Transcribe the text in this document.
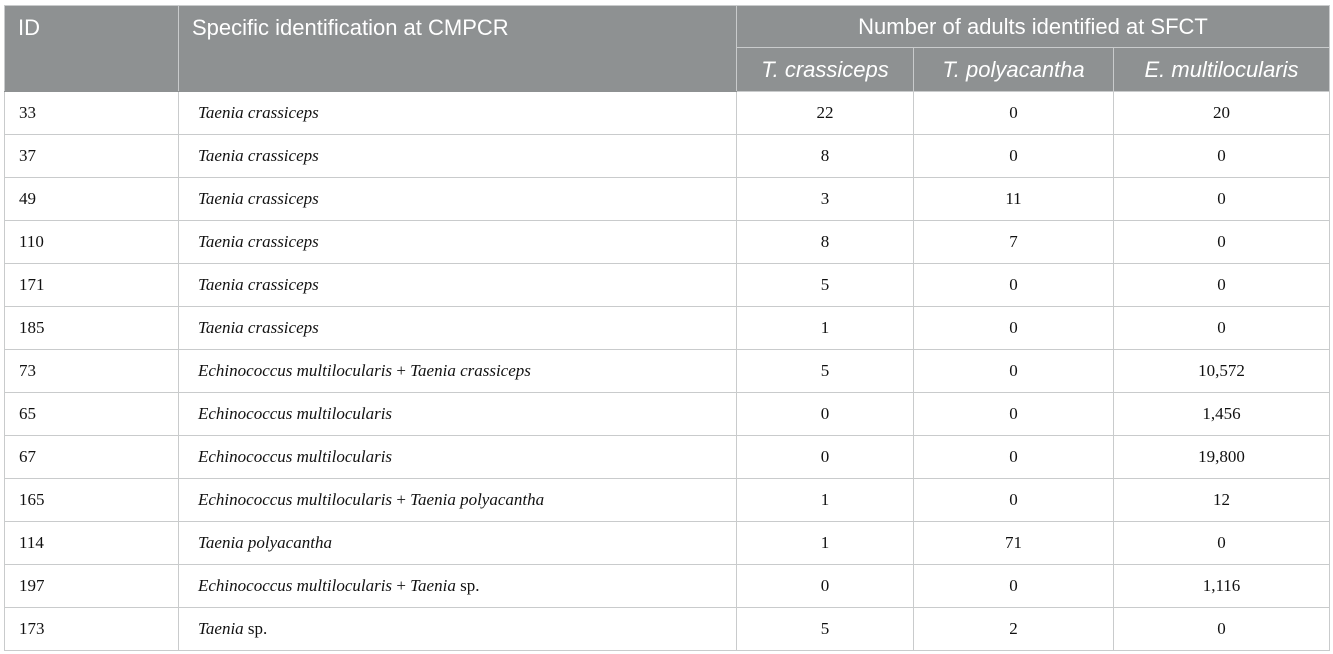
ID	Specific identification at CMPCR	Number of adults identified at SFCT		
		T. crassiceps	T. polyacantha	E. multilocularis
33	Taenia crassiceps	22	0	20
37	Taenia crassiceps	8	0	0
49	Taenia crassiceps	3	11	0
110	Taenia crassiceps	8	7	0
171	Taenia crassiceps	5	0	0
185	Taenia crassiceps	1	0	0
73	Echinococcus multilocularis + Taenia crassiceps	5	0	10,572
65	Echinococcus multilocularis	0	0	1,456
67	Echinococcus multilocularis	0	0	19,800
165	Echinococcus multilocularis + Taenia polyacantha	1	0	12
114	Taenia polyacantha	1	71	0
197	Echinococcus multilocularis + Taenia sp.	0	0	1,116
173	Taenia sp.	5	2	0
